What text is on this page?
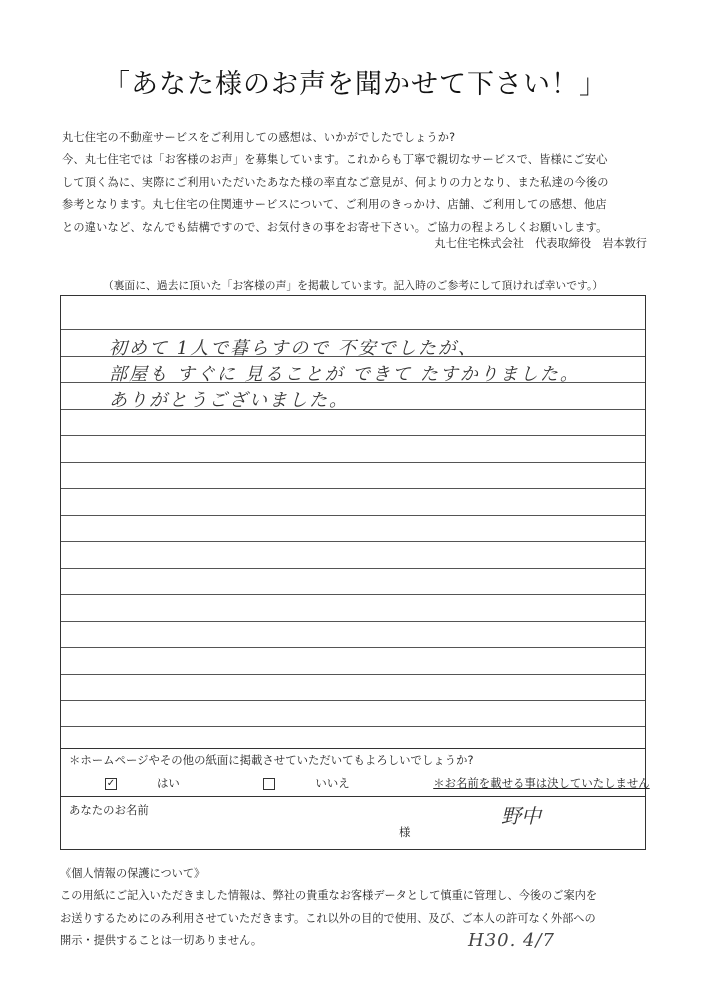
「あなた様のお声を聞かせて下さい！」
丸七住宅の不動産サービスをご利用しての感想は、いかがでしたでしょうか?
今、丸七住宅では「お客様のお声」を募集しています。これからも丁寧で親切なサービスで、皆様にご安心
して頂く為に、実際にご利用いただいたあなた様の率直なご意見が、何よりの力となり、また私達の今後の
参考となります。丸七住宅の住関連サービスについて、ご利用のきっかけ、店舗、ご利用しての感想、他店
との違いなど、なんでも結構ですので、お気付きの事をお寄せ下さい。ご協力の程よろしくお願いします。
丸七住宅株式会社　代表取締役　岩本敦行
（裏面に、過去に頂いた「お客様の声」を掲載しています。記入時のご参考にして頂ければ幸いです。）
初めて 1人で暮らすので 不安でしたが、
部屋も すぐに 見ることが できて たすかりました。
ありがとうございました。
＊ホームページやその他の紙面に掲載させていただいてもよろしいでしょうか?
✓	はい	いいえ	＊お名前を載せる事は決していたしません
あなたのお名前
様
野中
《個人情報の保護について》
この用紙にご記入いただきました情報は、弊社の貴重なお客様データとして慎重に管理し、今後のご案内を
お送りするためにのみ利用させていただきます。これ以外の目的で使用、及び、ご本人の許可なく外部への
開示・提供することは一切ありません。	H30. 4/7
